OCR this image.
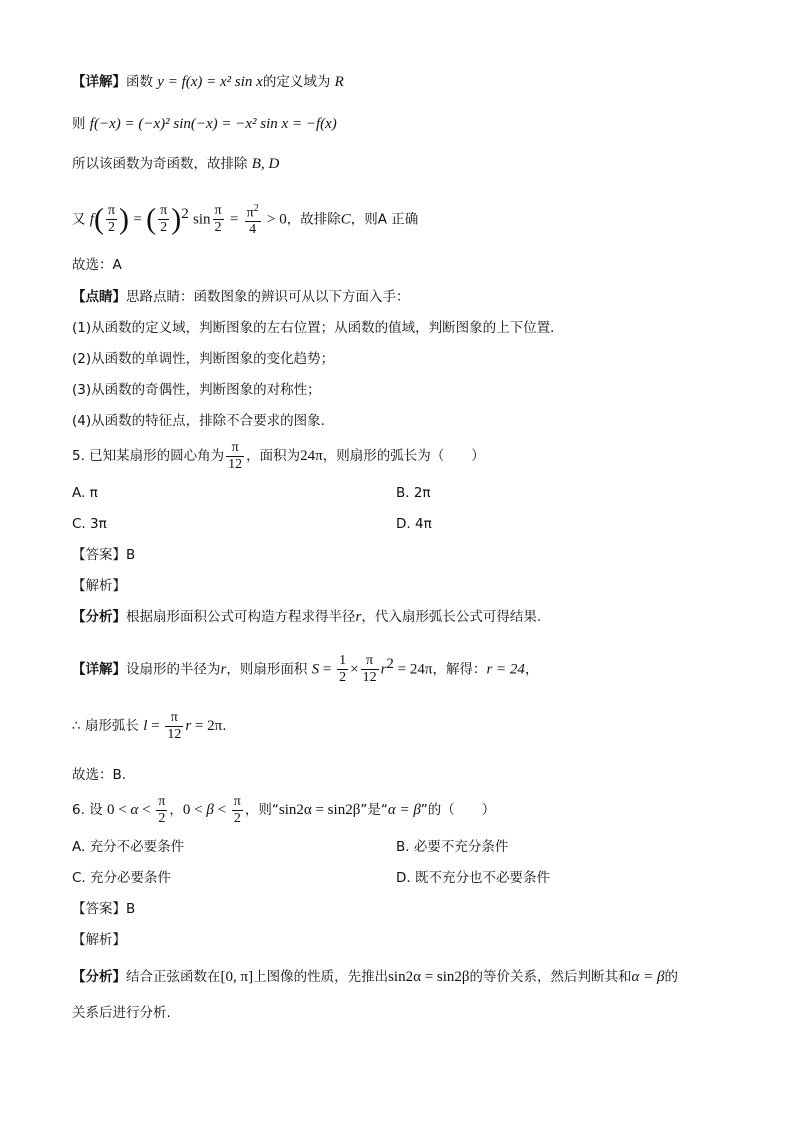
【详解】函数 y = f(x) = x² sin x的定义域为 R
则 f(−x) = (−x)² sin(−x) = −x² sin x = −f(x)
所以该函数为奇函数，故排除 B, D
又 $f( \frac{\pi}{2}$ ) = ( $\frac{\pi}{2} )^2$ $\sin \frac{\pi}{2} = \frac{\pi^2}{4} > 0$，故排除C，则A 正确
故选：A
【点睛】思路点睛：函数图象的辨识可从以下方面入手：
(1)从函数的定义域，判断图象的左右位置；从函数的值域，判断图象的上下位置．
(2)从函数的单调性，判断图象的变化趋势；
(3)从函数的奇偶性，判断图象的对称性；
(4)从函数的特征点，排除不合要求的图象.
5. 已知某扇形的圆心角为 $\frac{\pi}{12}$ ，面积为24π，则扇形的弧长为（　　）
A. π	B. 2π
C. 3π	D. 4π
【答案】B
【解析】
【分析】根据扇形面积公式可构造方程求得半径r，代入扇形弧长公式可得结果.
【详解】设扇形的半径为r，则扇形面积 $S = \frac{1}{2} \times \frac{\pi}{12} r^2 = 24\pi$，解得：r = 24，
∴ 扇形弧长 $l = \frac{\pi}{12}$ r = 2π.
故选：B.
6. 设 $0 < \alpha < \frac{\pi}{2}$ ，$0 < \beta < \frac{\pi}{2}$ ，则“sin2α = sin2β”是“α = β”的（　　）
A. 充分不必要条件	B. 必要不充分条件
C. 充分必要条件	D. 既不充分也不必要条件
【答案】B
【解析】
【分析】结合正弦函数在[0, π]上图像的性质，先推出sin2α = sin2β的等价关系，然后判断其和α = β的
关系后进行分析.
